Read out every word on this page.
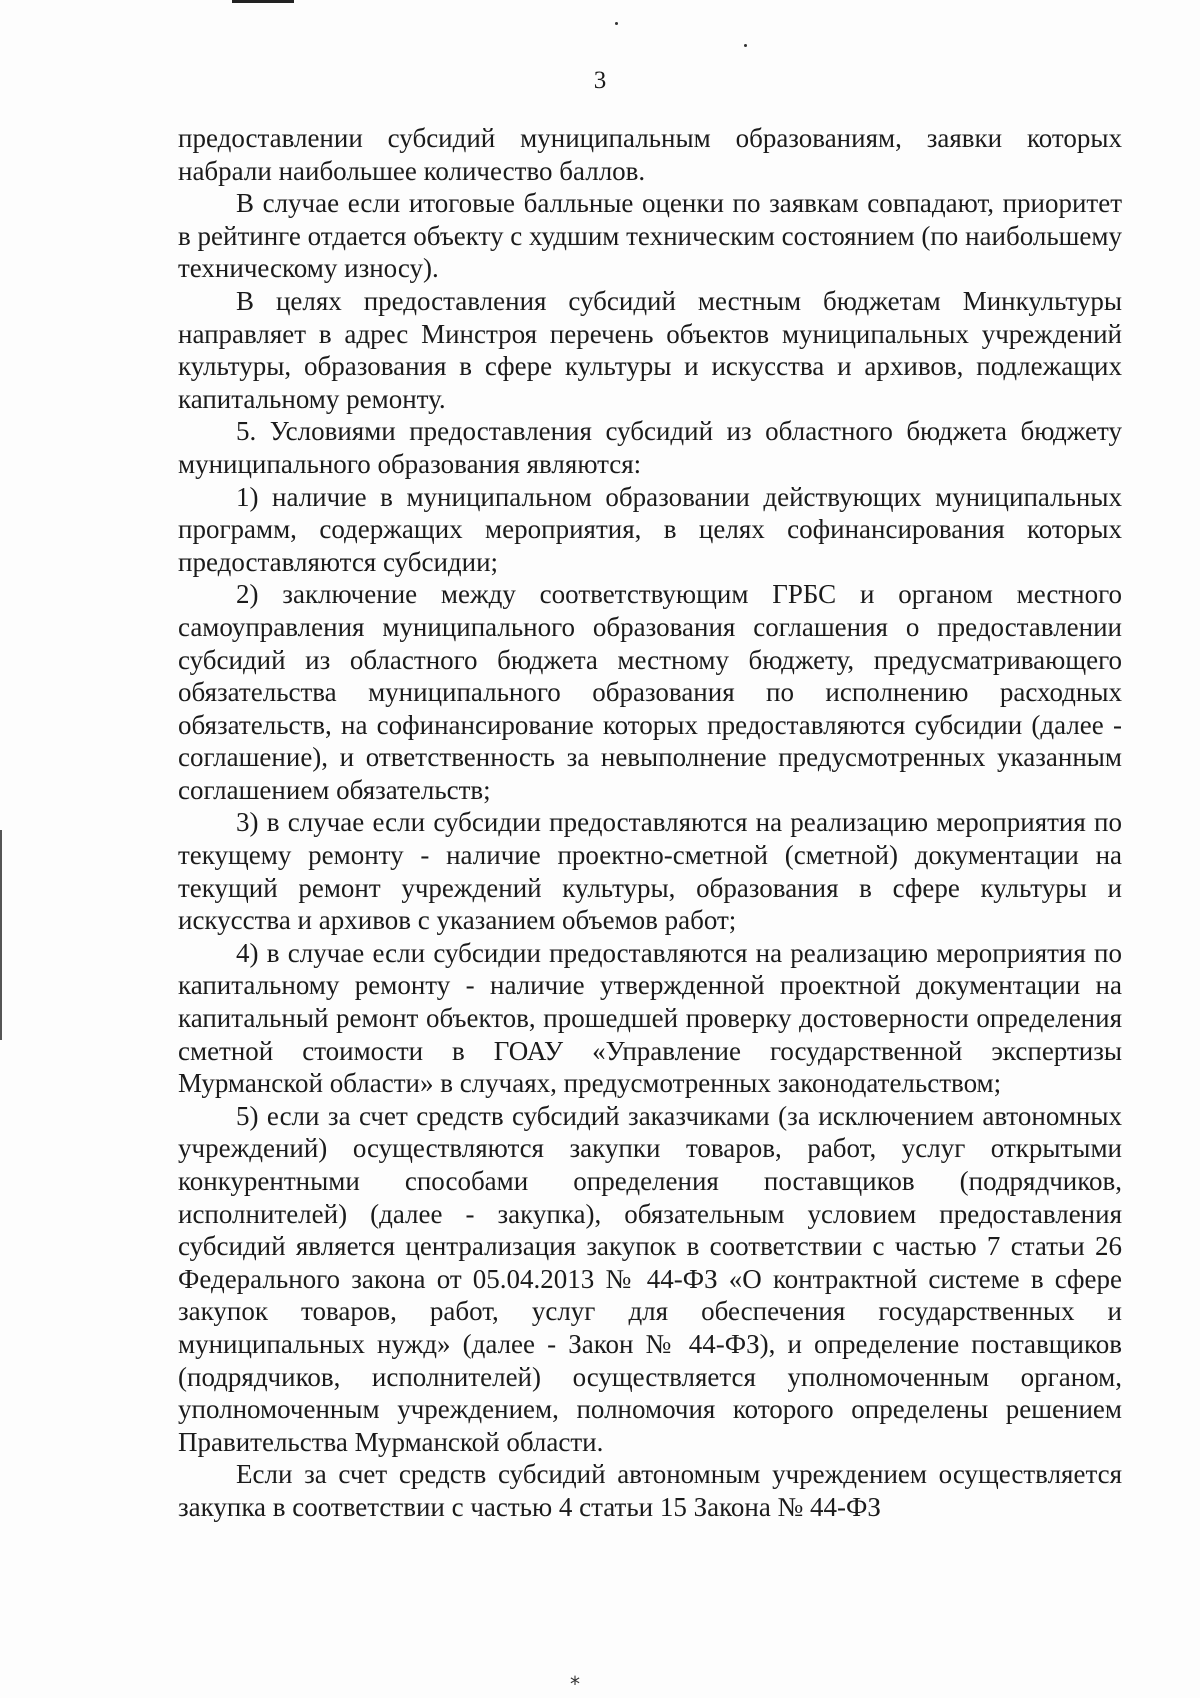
3

предоставлении субсидий муниципальным образованиям, заявки которых набрали наибольшее количество баллов.

В случае если итоговые балльные оценки по заявкам совпадают, приоритет в рейтинге отдается объекту с худшим техническим состоянием (по наибольшему техническому износу).

В целях предоставления субсидий местным бюджетам Минкультуры направляет в адрес Минстроя перечень объектов муниципальных учреждений культуры, образования в сфере культуры и искусства и архивов, подлежащих капитальному ремонту.

5. Условиями предоставления субсидий из областного бюджета бюджету муниципального образования являются:

1) наличие в муниципальном образовании действующих муниципальных программ, содержащих мероприятия, в целях софинансирования которых предоставляются субсидии;

2) заключение между соответствующим ГРБС и органом местного самоуправления муниципального образования соглашения о предоставлении субсидий из областного бюджета местному бюджету, предусматривающего обязательства муниципального образования по исполнению расходных обязательств, на софинансирование которых предоставляются субсидии (далее - соглашение), и ответственность за невыполнение предусмотренных указанным соглашением обязательств;

3) в случае если субсидии предоставляются на реализацию мероприятия по текущему ремонту - наличие проектно-сметной (сметной) документации на текущий ремонт учреждений культуры, образования в сфере культуры и искусства и архивов с указанием объемов работ;

4) в случае если субсидии предоставляются на реализацию мероприятия по капитальному ремонту - наличие утвержденной проектной документации на капитальный ремонт объектов, прошедшей проверку достоверности определения сметной стоимости в ГОАУ «Управление государственной экспертизы Мурманской области» в случаях, предусмотренных законодательством;

5) если за счет средств субсидий заказчиками (за исключением автономных учреждений) осуществляются закупки товаров, работ, услуг открытыми конкурентными способами определения поставщиков (подрядчиков, исполнителей) (далее - закупка), обязательным условием предоставления субсидий является централизация закупок в соответствии с частью 7 статьи 26 Федерального закона от 05.04.2013 № 44-ФЗ «О контрактной системе в сфере закупок товаров, работ, услуг для обеспечения государственных и муниципальных нужд» (далее - Закон № 44-ФЗ), и определение поставщиков (подрядчиков, исполнителей) осуществляется уполномоченным органом, уполномоченным учреждением, полномочия которого определены решением Правительства Мурманской области.

Если за счет средств субсидий автономным учреждением осуществляется закупка в соответствии с частью 4 статьи 15 Закона № 44-ФЗ

*
